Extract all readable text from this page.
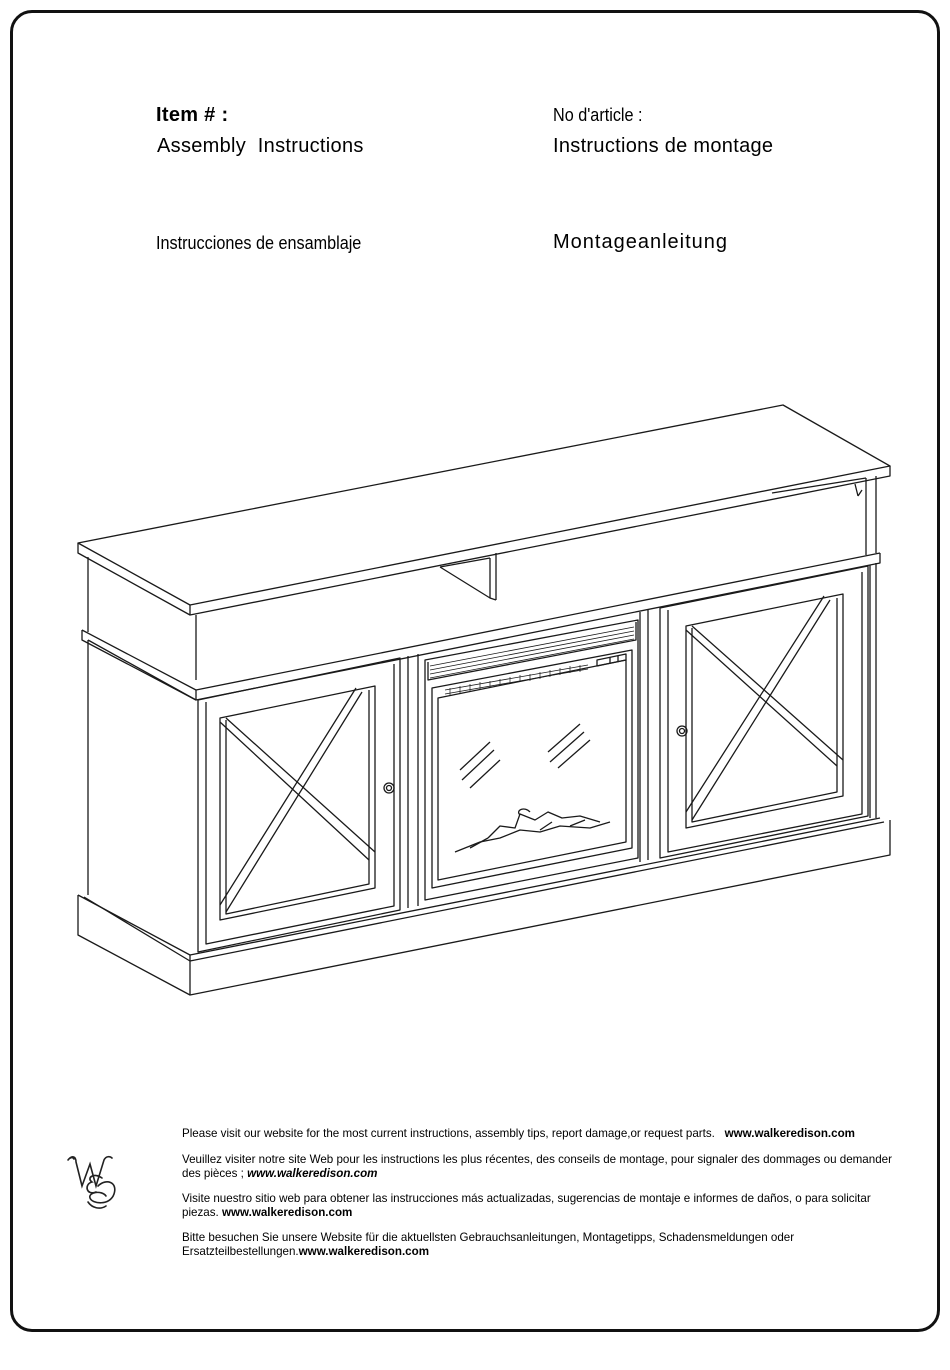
Item # :
Assembly  Instructions
No d'article :
Instructions de montage
Instrucciones de ensamblaje	Montageanleitung
Please visit our website for the most current instructions, assembly tips, report damage,or request parts. www.walkeredison.com
Veuillez visiter notre site Web pour les instructions les plus récentes, des conseils de montage, pour signaler des dommages ou demander des pièces ; www.walkeredison.com
Visite nuestro sitio web para obtener las instrucciones más actualizadas, sugerencias de montaje e informes de daños, o para solicitar piezas. www.walkeredison.com
Bitte besuchen Sie unsere Website für die aktuellsten Gebrauchsanleitungen, Montagetipps, Schadensmeldungen oder Ersatzteilbestellungen.www.walkeredison.com
